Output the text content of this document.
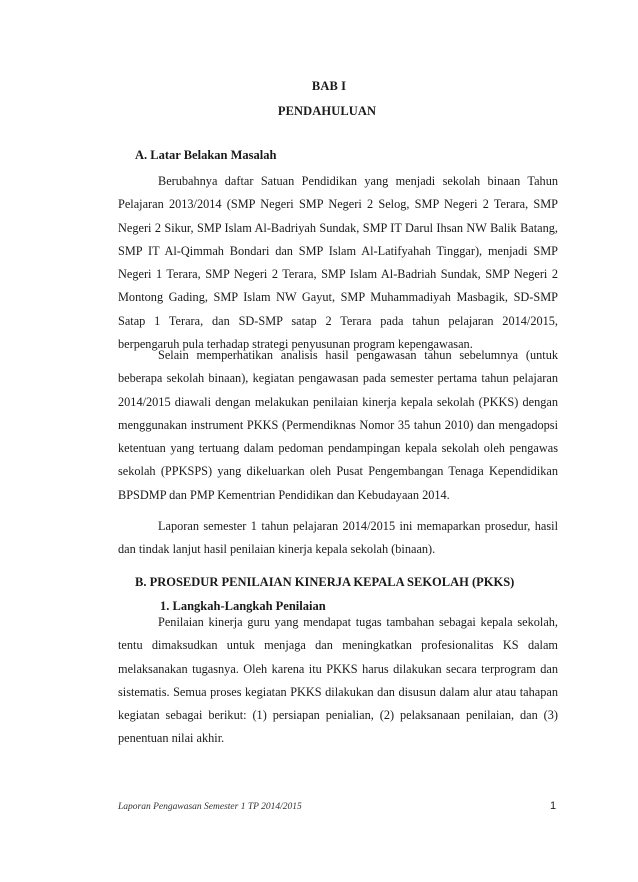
BAB I
PENDAHULUAN
A. Latar Belakan Masalah

Berubahnya daftar Satuan Pendidikan yang menjadi sekolah binaan Tahun Pelajaran 2013/2014 (SMP Negeri SMP Negeri 2 Selog, SMP Negeri 2 Terara, SMP Negeri 2 Sikur, SMP Islam Al-Badriyah Sundak, SMP IT Darul Ihsan NW Balik Batang, SMP IT Al-Qimmah Bondari dan SMP Islam Al-Latifyahah Tinggar), menjadi SMP Negeri 1 Terara, SMP Negeri 2 Terara, SMP Islam Al-Badriah Sundak, SMP Negeri 2 Montong Gading, SMP Islam NW Gayut, SMP Muhammadiyah Masbagik, SD-SMP Satap 1 Terara, dan SD-SMP satap 2 Terara pada tahun pelajaran 2014/2015, berpengaruh pula terhadap strategi penyusunan program kepengawasan.

Selain memperhatikan analisis hasil pengawasan tahun sebelumnya (untuk beberapa sekolah binaan), kegiatan pengawasan pada semester pertama tahun pelajaran 2014/2015 diawali dengan melakukan penilaian kinerja kepala sekolah (PKKS) dengan menggunakan instrument PKKS (Permendiknas Nomor 35 tahun 2010) dan mengadopsi ketentuan yang tertuang dalam pedoman pendampingan kepala sekolah oleh pengawas sekolah (PPKSPS) yang dikeluarkan oleh Pusat Pengembangan Tenaga Kependidikan BPSDMP dan PMP Kementrian Pendidikan dan Kebudayaan 2014.

Laporan semester 1 tahun pelajaran 2014/2015 ini memaparkan prosedur, hasil dan tindak lanjut hasil penilaian kinerja kepala sekolah (binaan).

B. PROSEDUR PENILAIAN KINERJA KEPALA SEKOLAH (PKKS)
1. Langkah-Langkah Penilaian

Penilaian kinerja guru yang mendapat tugas tambahan sebagai kepala sekolah, tentu dimaksudkan untuk menjaga dan meningkatkan profesionalitas KS dalam melaksanakan tugasnya. Oleh karena itu PKKS harus dilakukan secara terprogram dan sistematis. Semua proses kegiatan PKKS dilakukan dan disusun dalam alur atau tahapan kegiatan sebagai berikut: (1) persiapan penialian, (2) pelaksanaan penilaian, dan (3) penentuan nilai akhir.

Laporan Pengawasan Semester 1 TP 2014/2015	1
